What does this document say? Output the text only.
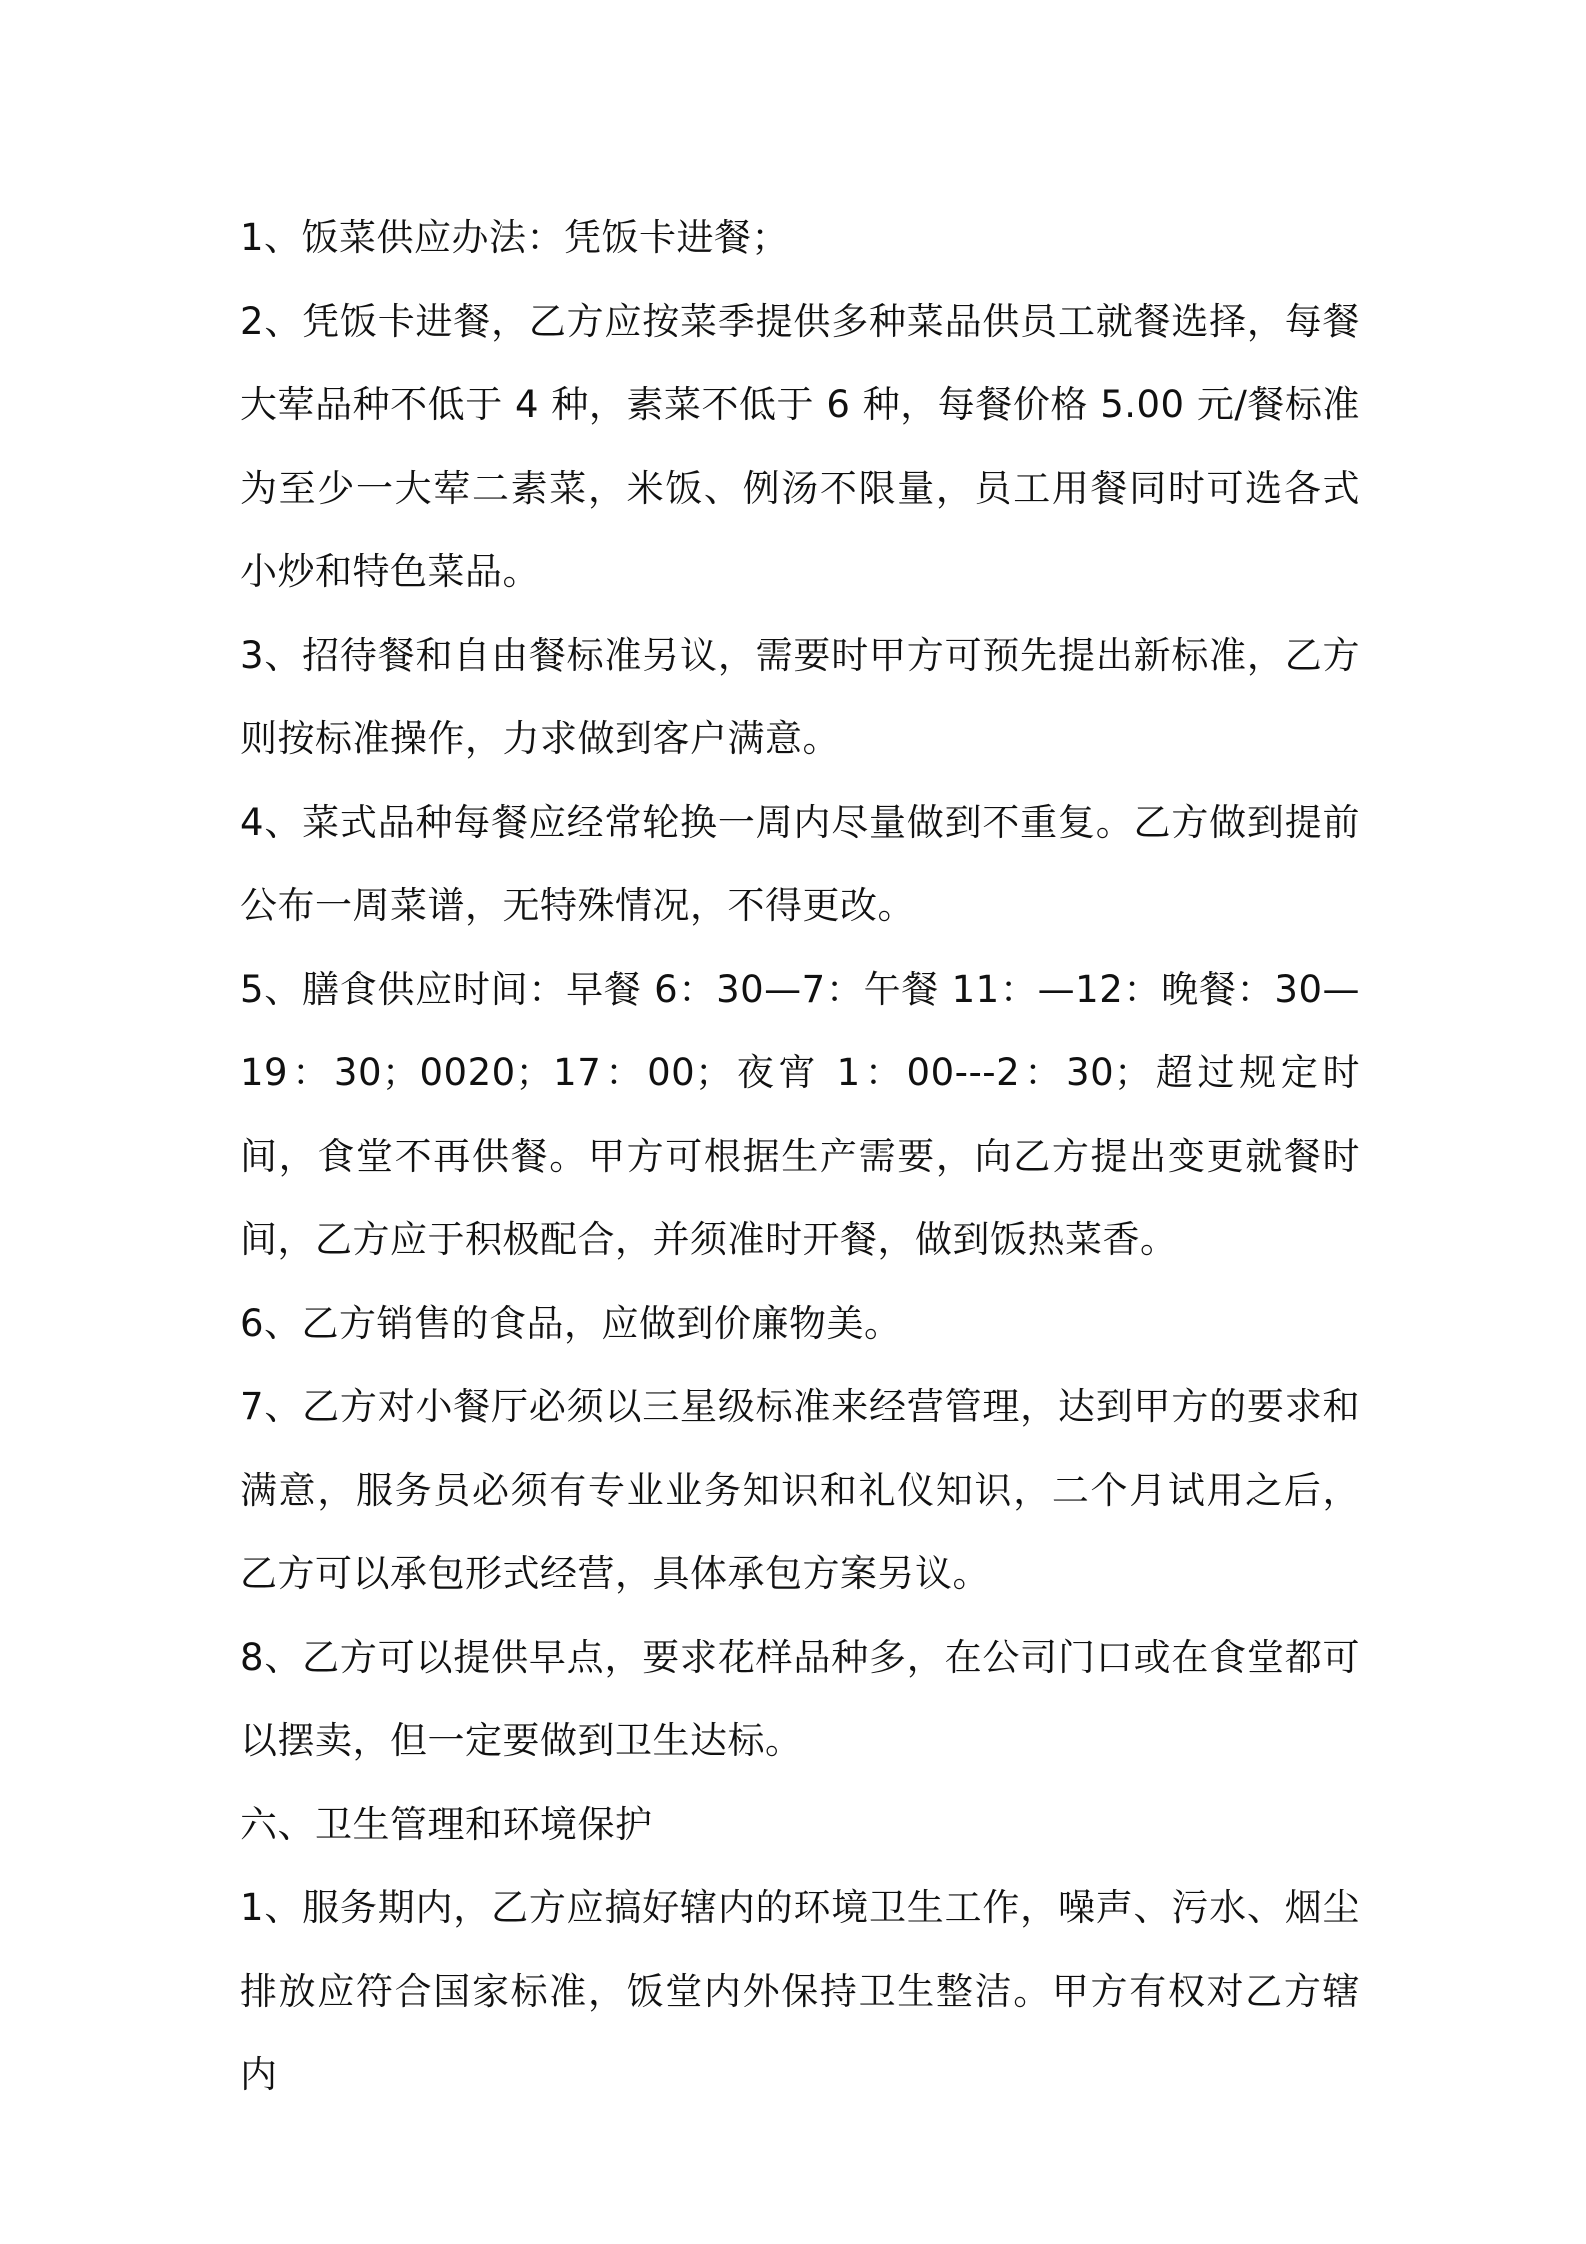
1、饭菜供应办法：凭饭卡进餐；

2、凭饭卡进餐，乙方应按菜季提供多种菜品供员工就餐选择，每餐大荤品种不低于 4 种，素菜不低于 6 种，每餐价格 5.00 元/餐标准为至少一大荤二素菜，米饭、例汤不限量，员工用餐同时可选各式小炒和特色菜品。

3、招待餐和自由餐标准另议，需要时甲方可预先提出新标准，乙方则按标准操作，力求做到客户满意。

4、菜式品种每餐应经常轮换一周内尽量做到不重复。乙方做到提前公布一周菜谱，无特殊情况，不得更改。

5、膳食供应时间：早餐 6：30—7：午餐 11：—12：晚餐：30—19：30；0020；17：00；夜宵 1：00---2：30；超过规定时间，食堂不再供餐。甲方可根据生产需要，向乙方提出变更就餐时间，乙方应于积极配合，并须准时开餐，做到饭热菜香。

6、乙方销售的食品，应做到价廉物美。

7、乙方对小餐厅必须以三星级标准来经营管理，达到甲方的要求和满意，服务员必须有专业业务知识和礼仪知识，二个月试用之后，乙方可以承包形式经营，具体承包方案另议。

8、乙方可以提供早点，要求花样品种多，在公司门口或在食堂都可以摆卖，但一定要做到卫生达标。

六、卫生管理和环境保护

1、服务期内，乙方应搞好辖内的环境卫生工作，噪声、污水、烟尘排放应符合国家标准，饭堂内外保持卫生整洁。甲方有权对乙方辖内
